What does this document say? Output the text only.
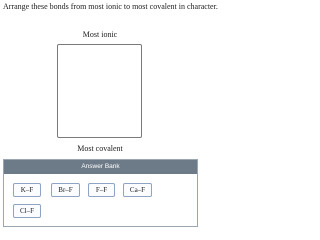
Arrange these bonds from most ionic to most covalent in character.
Most ionic
Most covalent
Answer Bank
K–F	Br–F	F–F	Ca–F
Cl–F
